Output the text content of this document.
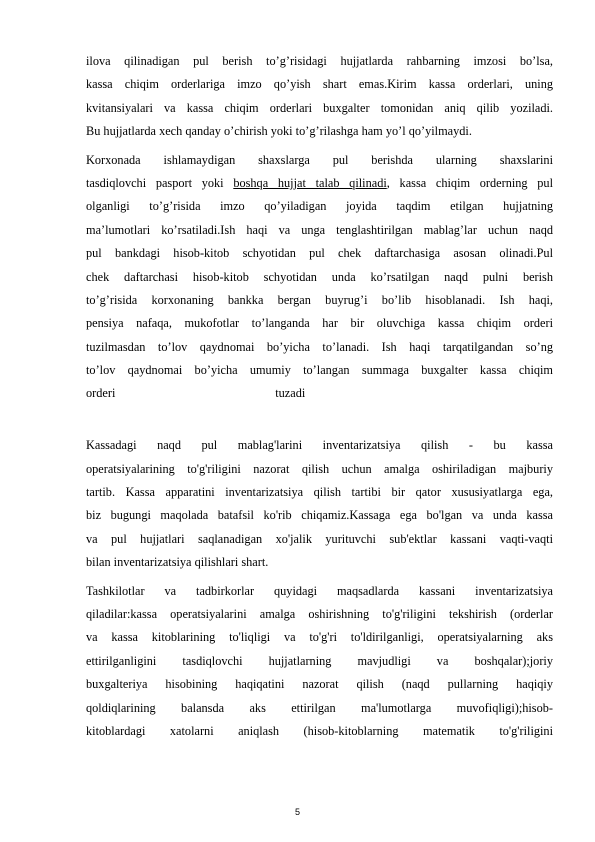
ilova qilinadigan pul berish to’g’risidagi hujjatlarda rahbarning imzosi bo’lsa,
kassa chiqim orderlariga imzo qo’yish shart emas.Kirim kassa orderlari, uning
kvitansiyalari va kassa chiqim orderlari buxgalter tomonidan aniq qilib yoziladi.
Bu hujjatlarda xech qanday o’chirish yoki to’g’rilashga ham yo’l qo’yilmaydi.

Korxonada ishlamaydigan shaxslarga pul berishda ularning shaxslarini
tasdiqlovchi pasport yoki boshqa hujjat talab qilinadi, kassa chiqim orderning pul
olganligi to’g’risida imzo qo’yiladigan joyida taqdim etilgan hujjatning
ma’lumotlari ko’rsatiladi.Ish haqi va unga tenglashtirilgan mablag’lar uchun naqd
pul bankdagi hisob-kitob schyotidan pul chek daftarchasiga asosan olinadi.Pul
chek daftarchasi hisob-kitob schyotidan unda ko’rsatilgan naqd pulni berish
to’g’risida korxonaning bankka bergan buyrug’i bo’lib hisoblanadi. Ish haqi,
pensiya nafaqa, mukofotlar to’langanda har bir oluvchiga kassa chiqim orderi
tuzilmasdan to’lov qaydnomai bo’yicha to’lanadi. Ish haqi tarqatilgandan so’ng
to’lov qaydnomai bo’yicha umumiy to’langan summaga buxgalter kassa chiqim
orderi                                                    tuzadi

Kassadagi naqd pul mablag'larini inventarizatsiya qilish - bu kassa
operatsiyalarining to'g'riligini nazorat qilish uchun amalga oshiriladigan majburiy
tartib. Kassa apparatini inventarizatsiya qilish tartibi bir qator xususiyatlarga ega,
biz bugungi maqolada batafsil ko'rib chiqamiz.Kassaga ega bo'lgan va unda kassa
va pul hujjatlari saqlanadigan xo'jalik yurituvchi sub'ektlar kassani vaqti-vaqti
bilan inventarizatsiya qilishlari shart.

Tashkilotlar va tadbirkorlar quyidagi maqsadlarda kassani inventarizatsiya
qiladilar:kassa operatsiyalarini amalga oshirishning to'g'riligini tekshirish (orderlar
va kassa kitoblarining to'liqligi va to'g'ri to'ldirilganligi, operatsiyalarning aks
ettirilganligini tasdiqlovchi hujjatlarning mavjudligi va boshqalar);joriy
buxgalteriya hisobining haqiqatini nazorat qilish (naqd pullarning haqiqiy
qoldiqlarining balansda aks ettirilgan ma'lumotlarga muvofiqligi);hisob-
kitoblardagi xatolarni aniqlash (hisob-kitoblarning matematik to'g'riligini

5
